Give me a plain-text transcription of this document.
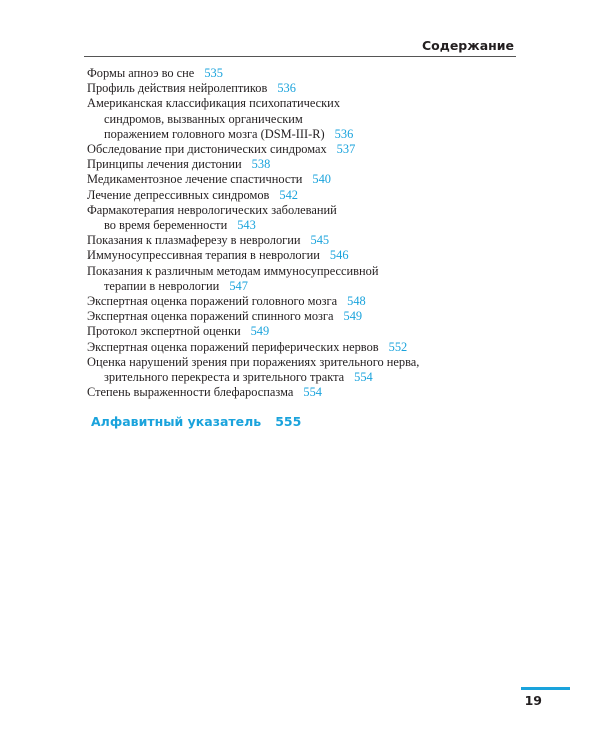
Содержание
Формы апноэ во сне 535
Профиль действия нейролептиков 536
Американская классификация психопатических
синдромов, вызванных органическим
поражением головного мозга (DSM-III-R) 536
Обследование при дистонических синдромах 537
Принципы лечения дистонии 538
Медикаментозное лечение спастичности 540
Лечение депрессивных синдромов 542
Фармакотерапия неврологических заболеваний
во время беременности 543
Показания к плазмаферезу в неврологии 545
Иммуносупрессивная терапия в неврологии 546
Показания к различным методам иммуносупрессивной
терапии в неврологии 547
Экспертная оценка поражений головного мозга 548
Экспертная оценка поражений спинного мозга 549
Протокол экспертной оценки 549
Экспертная оценка поражений периферических нервов 552
Оценка нарушений зрения при поражениях зрительного нерва,
зрительного перекреста и зрительного тракта 554
Степень выраженности блефароспазма 554
Алфавитный указатель 555
19
